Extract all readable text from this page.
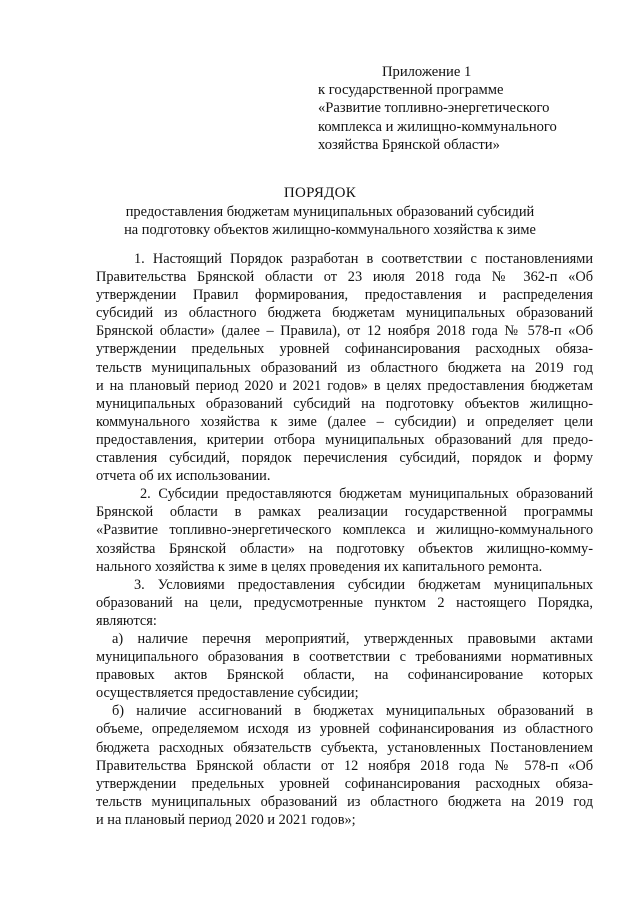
Приложение 1
к государственной программе
«Развитие топливно-энергетического
комплекса и жилищно-коммунального
хозяйства Брянской области»
ПОРЯДОК
предоставления бюджетам муниципальных образований субсидий
на подготовку объектов жилищно-коммунального хозяйства к зиме
1. Настоящий Порядок разработан в соответствии с постановлениями
Правительства Брянской области от 23 июля 2018 года № 362-п «Об
утверждении Правил формирования, предоставления и распределения
субсидий из областного бюджета бюджетам муниципальных образований
Брянской области» (далее – Правила), от 12 ноября 2018 года № 578-п «Об
утверждении предельных уровней софинансирования расходных обяза-
тельств муниципальных образований из областного бюджета на 2019 год
и на плановый период 2020 и 2021 годов» в целях предоставления бюджетам
муниципальных образований субсидий на подготовку объектов жилищно-
коммунального хозяйства к зиме (далее – субсидии) и определяет цели
предоставления, критерии отбора муниципальных образований для предо-
ставления субсидий, порядок перечисления субсидий, порядок и форму
отчета об их использовании.
2. Субсидии предоставляются бюджетам муниципальных образований
Брянской области в рамках реализации государственной программы
«Развитие топливно-энергетического комплекса и жилищно-коммунального
хозяйства Брянской области» на подготовку объектов жилищно-комму-
нального хозяйства к зиме в целях проведения их капитального ремонта.
3. Условиями предоставления субсидии бюджетам муниципальных
образований на цели, предусмотренные пунктом 2 настоящего Порядка,
являются:
а) наличие перечня мероприятий, утвержденных правовыми актами
муниципального образования в соответствии с требованиями нормативных
правовых актов Брянской области, на софинансирование которых
осуществляется предоставление субсидии;
б) наличие ассигнований в бюджетах муниципальных образований в
объеме, определяемом исходя из уровней софинансирования из областного
бюджета расходных обязательств субъекта, установленных Постановлением
Правительства Брянской области от 12 ноября 2018 года № 578-п «Об
утверждении предельных уровней софинансирования расходных обяза-
тельств муниципальных образований из областного бюджета на 2019 год
и на плановый период 2020 и 2021 годов»;
